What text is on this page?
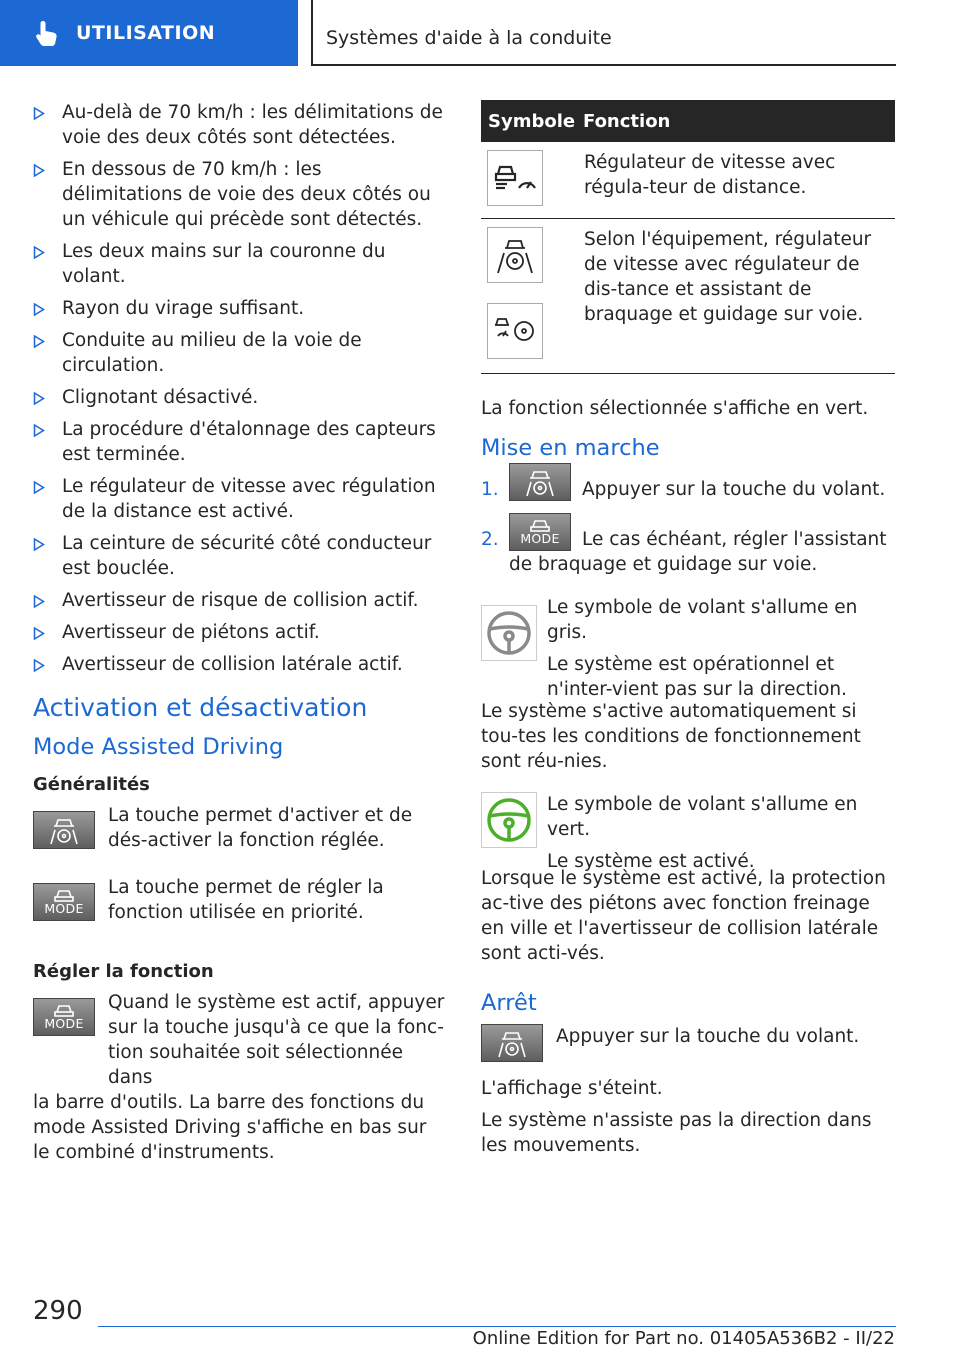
UTILISATION	Systèmes d'aide à la conduite
Au-delà de 70 km/h : les délimitations de voie des deux côtés sont détectées.
En dessous de 70 km/h : les délimitations de voie des deux côtés ou un véhicule qui précède sont détectés.
Les deux mains sur la couronne du volant.
Rayon du virage suffisant.
Conduite au milieu de la voie de circulation.
Clignotant désactivé.
La procédure d'étalonnage des capteurs est terminée.
Le régulateur de vitesse avec régulation de la distance est activé.
La ceinture de sécurité côté conducteur est bouclée.
Avertisseur de risque de collision actif.
Avertisseur de piétons actif.
Avertisseur de collision latérale actif.
Activation et désactivation
Mode Assisted Driving
Généralités
La touche permet d'activer et de dés-activer la fonction réglée.
MODE
La touche permet de régler la fonction utilisée en priorité.
Régler la fonction
MODE
Quand le système est actif, appuyer sur la touche jusqu'à ce que la fonc-tion souhaitée soit sélectionnée dans
la barre d'outils. La barre des fonctions du mode Assisted Driving s'affiche en bas sur le combiné d'instruments.
Symbole	Fonction

	Régulateur de vitesse avec régula-teur de distance.

	Selon l'équipement, régulateur de vitesse avec régulateur de dis-tance et assistant de braquage et guidage sur voie.
La fonction sélectionnée s'affiche en vert.
Mise en marche
1.	Appuyer sur la touche du volant.
2. MODE Le cas échéant, régler l'assistant de braquage et guidage sur voie.
Le symbole de volant s'allume en gris.
Le système est opérationnel et n'inter-vient pas sur la direction.
Le système s'active automatiquement si tou-tes les conditions de fonctionnement sont réu-nies.
Le symbole de volant s'allume en vert.
Le système est activé.
Lorsque le système est activé, la protection ac-tive des piétons avec fonction freinage en ville et l'avertisseur de collision latérale sont acti-vés.
Arrêt
Appuyer sur la touche du volant.
L'affichage s'éteint.
Le système n'assiste pas la direction dans les mouvements.
290
Online Edition for Part no. 01405A536B2 - II/22
